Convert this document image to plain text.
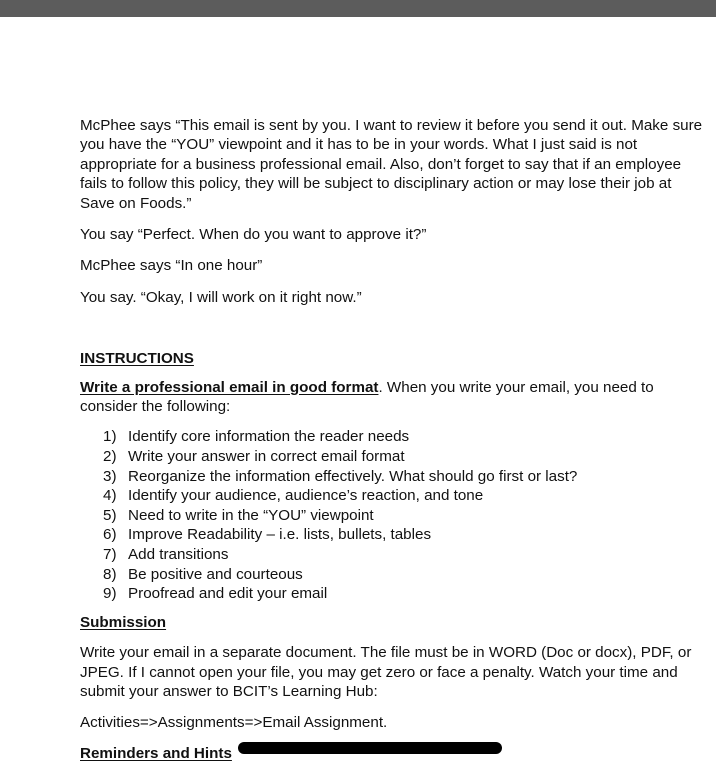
McPhee says “This email is sent by you. I want to review it before you send it out. Make sure you have the “YOU” viewpoint and it has to be in your words. What I just said is not appropriate for a business professional email. Also, don’t forget to say that if an employee fails to follow this policy, they will be subject to disciplinary action or may lose their job at Save on Foods.”

You say “Perfect. When do you want to approve it?”

McPhee says “In one hour”

You say. “Okay, I will work on it right now.”

INSTRUCTIONS

Write a professional email in good format. When you write your email, you need to consider the following:

1) Identify core information the reader needs
2) Write your answer in correct email format
3) Reorganize the information effectively. What should go first or last?
4) Identify your audience, audience’s reaction, and tone
5) Need to write in the “YOU” viewpoint
6) Improve Readability – i.e. lists, bullets, tables
7) Add transitions
8) Be positive and courteous
9) Proofread and edit your email

Submission

Write your email in a separate document. The file must be in WORD (Doc or docx), PDF, or JPEG. If I cannot open your file, you may get zero or face a penalty. Watch your time and submit your answer to BCIT’s Learning Hub:

Activities=>Assignments=>Email Assignment.

Reminders and Hints
